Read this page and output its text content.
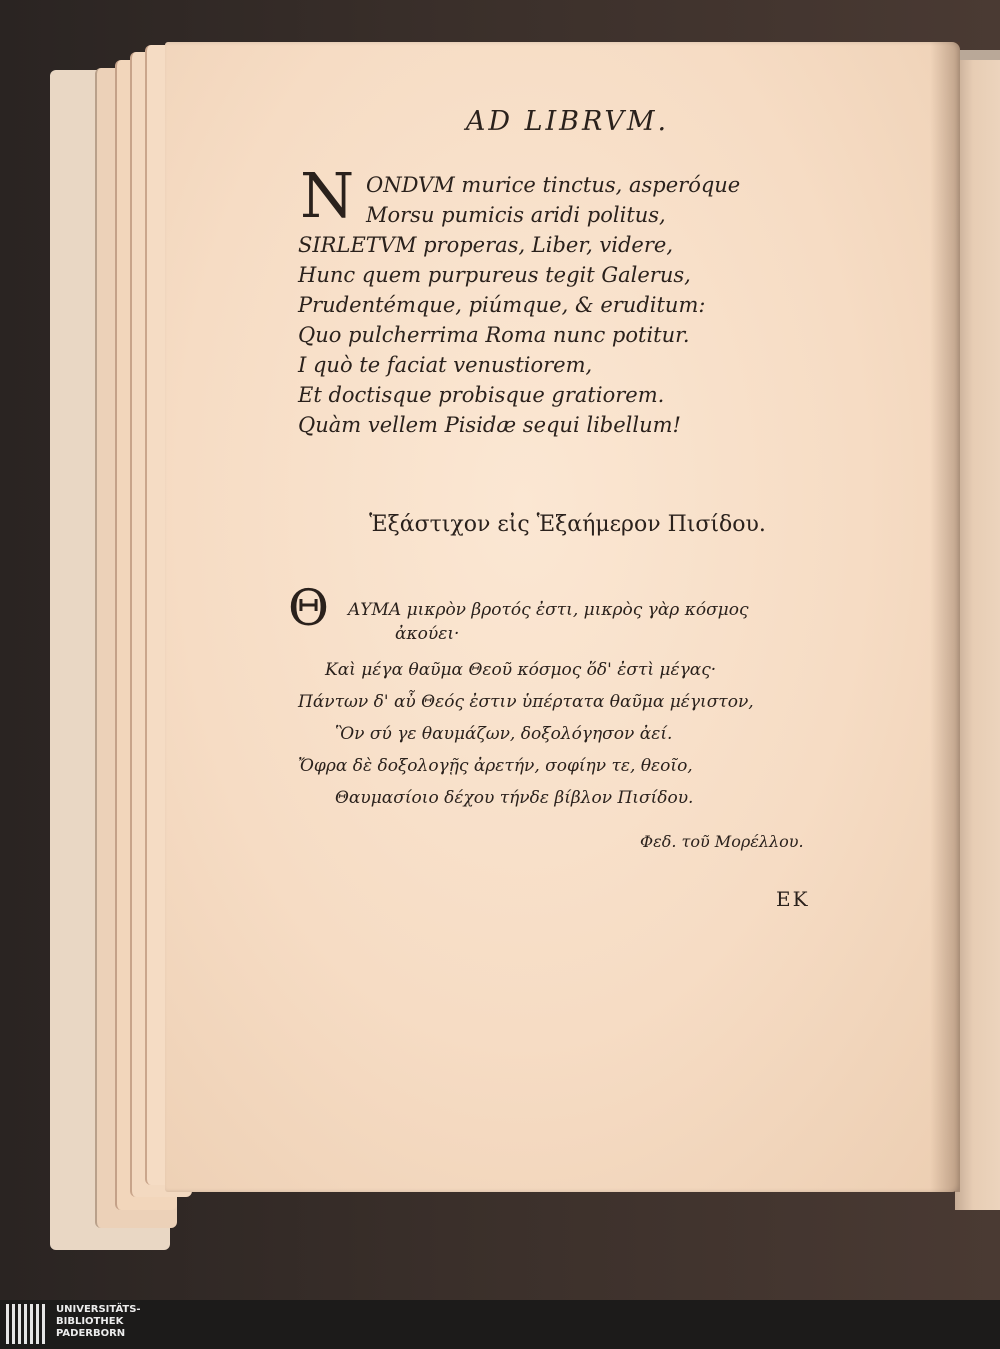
AD LIBRVM.
N ONDVM murice tinctus, asperóque
Morsu pumicis aridi politus,
SIRLETVM properas, Liber, videre,
Hunc quem purpureus tegit Galerus,
Prudentémque, piúmque, & eruditum:
Quo pulcherrima Roma nunc potitur.
I quò te faciat venustiorem,
Et doctisque probisque gratiorem.
Quàm vellem Pisidæ sequi libellum!
Ἑξάστιχον εἰς Ἑξαήμερον Πισίδου.
Θ ΑΥΜΑ μικρὸν βροτός ἐστι, μικρὸς γὰρ κόσμος
ἀκούει·
Καὶ μέγα θαῦμα Θεοῦ κόσμος ὅδ' ἐστὶ μέγας·
Πάντων δ' αὖ Θεός ἐστιν ὑπέρτατα θαῦμα μέγιστον,
Ὃν σύ γε θαυμάζων, δοξολόγησον ἀεί.
Ὄφρα δὲ δοξολογῇς ἀρετήν, σοφίην τε, θεοῖο,
Θαυμασίοιο δέχου τήνδε βίβλον Πισίδου.
Φεδ. τοῦ Μορέλλου.
EK
UNIVERSITÄTS-
BIBLIOTHEK
PADERBORN
